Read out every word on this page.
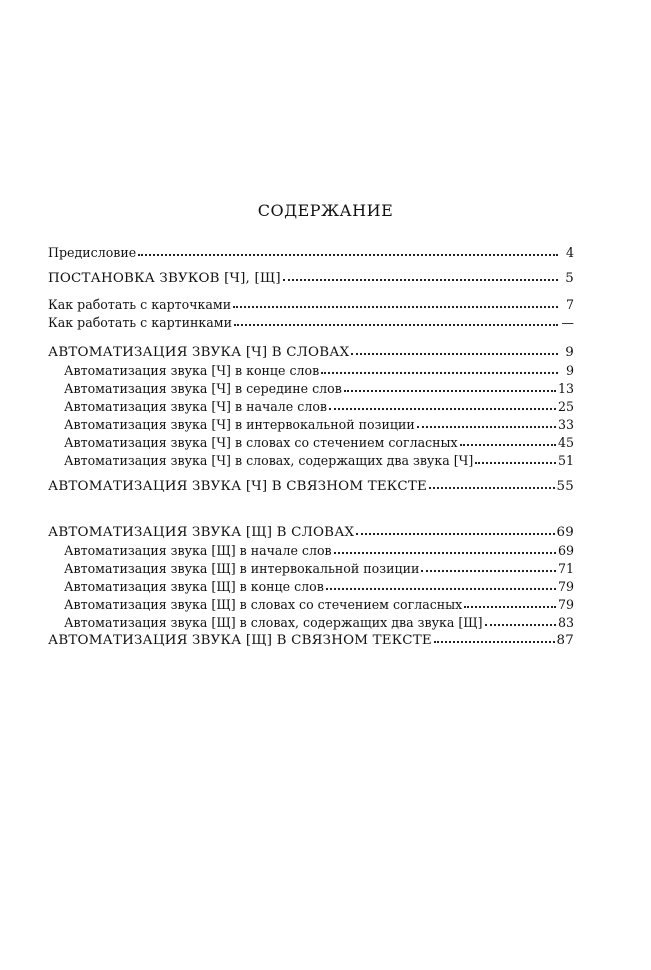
СОДЕРЖАНИЕ
Предисловие	4
ПОСТАНОВКА ЗВУКОВ [Ч], [Щ]	5
Как работать с карточками	7
Как работать с картинками	—
АВТОМАТИЗАЦИЯ ЗВУКА [Ч] В СЛОВАХ	9
Автоматизация звука [Ч] в конце слов	9
Автоматизация звука [Ч] в середине слов	13
Автоматизация звука [Ч] в начале слов	25
Автоматизация звука [Ч] в интервокальной позиции	33
Автоматизация звука [Ч] в словах со стечением согласных	45
Автоматизация звука [Ч] в словах, содержащих два звука [Ч]	51
АВТОМАТИЗАЦИЯ ЗВУКА [Ч] В СВЯЗНОМ ТЕКСТЕ	55
АВТОМАТИЗАЦИЯ ЗВУКА [Щ] В СЛОВАХ	69
Автоматизация звука [Щ] в начале слов	69
Автоматизация звука [Щ] в интервокальной позиции	71
Автоматизация звука [Щ] в конце слов	79
Автоматизация звука [Щ] в словах со стечением согласных	79
Автоматизация звука [Щ] в словах, содержащих два звука [Щ]	83
АВТОМАТИЗАЦИЯ ЗВУКА [Щ] В СВЯЗНОМ ТЕКСТЕ	87
